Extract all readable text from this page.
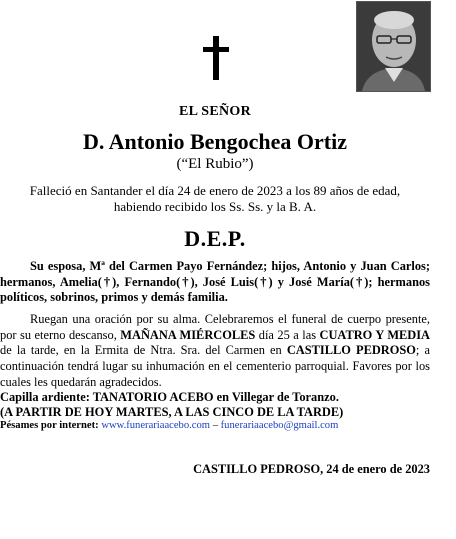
EL SEÑOR
D. Antonio Bengochea Ortiz
(“El Rubio”)
Falleció en Santander el día 24 de enero de 2023 a los 89 años de edad,
habiendo recibido los Ss. Ss. y la B. A.
D.E.P.
Su esposa, Mª del Carmen Payo Fernández; hijos, Antonio y Juan Carlos; hermanos, Amelia(†), Fernando(†), José Luis(†) y José María(†); hermanos políticos, sobrinos, primos y demás familia.
Ruegan una oración por su alma. Celebraremos el funeral de cuerpo presente, por su eterno descanso, MAÑANA MIÉRCOLES día 25 a las CUATRO Y MEDIA de la tarde, en la Ermita de Ntra. Sra. del Carmen en CASTILLO PEDROSO; a continuación tendrá lugar su inhumación en el cementerio parroquial. Favores por los cuales les quedarán agradecidos.
Capilla ardiente: TANATORIO ACEBO en Villegar de Toranzo.
(A PARTIR DE HOY MARTES, A LAS CINCO DE LA TARDE)
Pésames por internet: www.funerariaacebo.com – funerariaacebo@gmail.com
CASTILLO PEDROSO, 24 de enero de 2023
